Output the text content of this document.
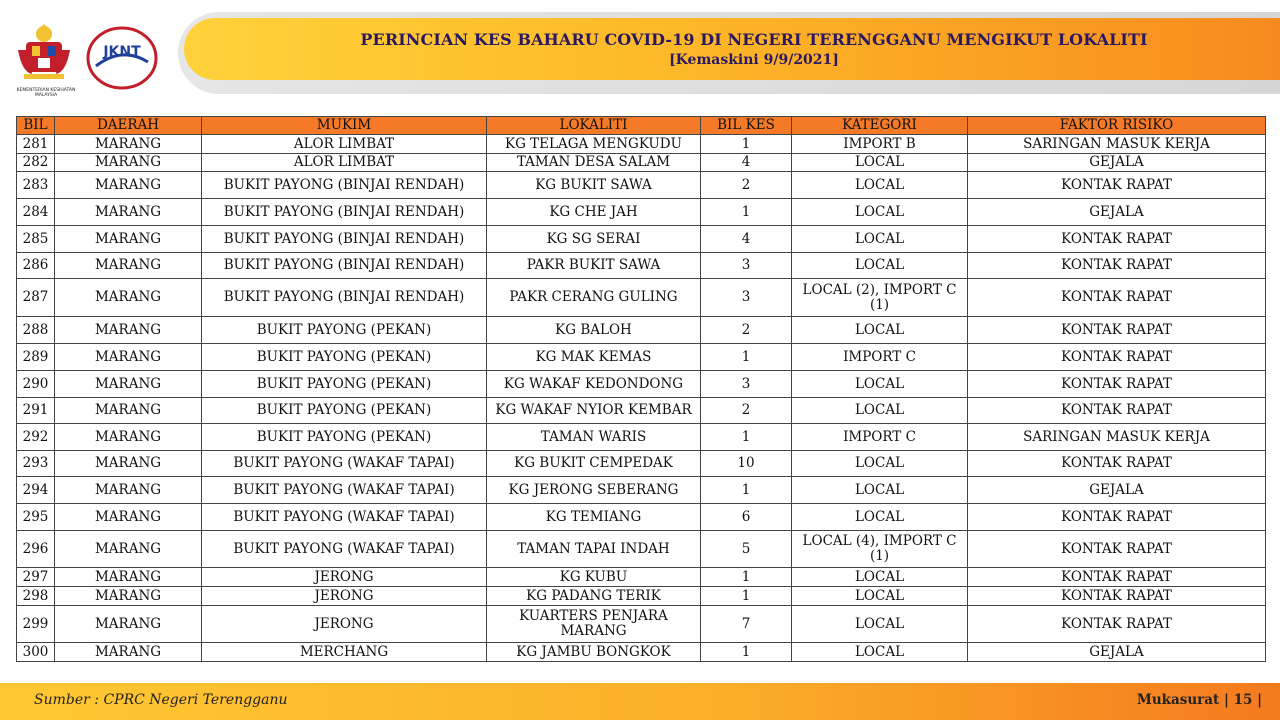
KEMENTERIAN KESIHATAN MALAYSIA
JKNT
PERINCIAN KES BAHARU COVID-19 DI NEGERI TERENGGANU MENGIKUT LOKALITI
[Kemaskini 9/9/2021]
BIL	DAERAH	MUKIM	LOKALITI	BIL KES	KATEGORI	FAKTOR RISIKO
281	MARANG	ALOR LIMBAT	KG TELAGA MENGKUDU	1	IMPORT B	SARINGAN MASUK KERJA
282	MARANG	ALOR LIMBAT	TAMAN DESA SALAM	4	LOCAL	GEJALA
283	MARANG	BUKIT PAYONG (BINJAI RENDAH)	KG BUKIT SAWA	2	LOCAL	KONTAK RAPAT
284	MARANG	BUKIT PAYONG (BINJAI RENDAH)	KG CHE JAH	1	LOCAL	GEJALA
285	MARANG	BUKIT PAYONG (BINJAI RENDAH)	KG SG SERAI	4	LOCAL	KONTAK RAPAT
286	MARANG	BUKIT PAYONG (BINJAI RENDAH)	PAKR BUKIT SAWA	3	LOCAL	KONTAK RAPAT
287	MARANG	BUKIT PAYONG (BINJAI RENDAH)	PAKR CERANG GULING	3	LOCAL (2), IMPORT C (1)	KONTAK RAPAT
288	MARANG	BUKIT PAYONG (PEKAN)	KG BALOH	2	LOCAL	KONTAK RAPAT
289	MARANG	BUKIT PAYONG (PEKAN)	KG MAK KEMAS	1	IMPORT C	KONTAK RAPAT
290	MARANG	BUKIT PAYONG (PEKAN)	KG WAKAF KEDONDONG	3	LOCAL	KONTAK RAPAT
291	MARANG	BUKIT PAYONG (PEKAN)	KG WAKAF NYIOR KEMBAR	2	LOCAL	KONTAK RAPAT
292	MARANG	BUKIT PAYONG (PEKAN)	TAMAN WARIS	1	IMPORT C	SARINGAN MASUK KERJA
293	MARANG	BUKIT PAYONG (WAKAF TAPAI)	KG BUKIT CEMPEDAK	10	LOCAL	KONTAK RAPAT
294	MARANG	BUKIT PAYONG (WAKAF TAPAI)	KG JERONG SEBERANG	1	LOCAL	GEJALA
295	MARANG	BUKIT PAYONG (WAKAF TAPAI)	KG TEMIANG	6	LOCAL	KONTAK RAPAT
296	MARANG	BUKIT PAYONG (WAKAF TAPAI)	TAMAN TAPAI INDAH	5	LOCAL (4), IMPORT C (1)	KONTAK RAPAT
297	MARANG	JERONG	KG KUBU	1	LOCAL	KONTAK RAPAT
298	MARANG	JERONG	KG PADANG TERIK	1	LOCAL	KONTAK RAPAT
299	MARANG	JERONG	KUARTERS PENJARA MARANG	7	LOCAL	KONTAK RAPAT
300	MARANG	MERCHANG	KG JAMBU BONGKOK	1	LOCAL	GEJALA
Sumber : CPRC Negeri Terengganu	Mukasurat | 15 |
